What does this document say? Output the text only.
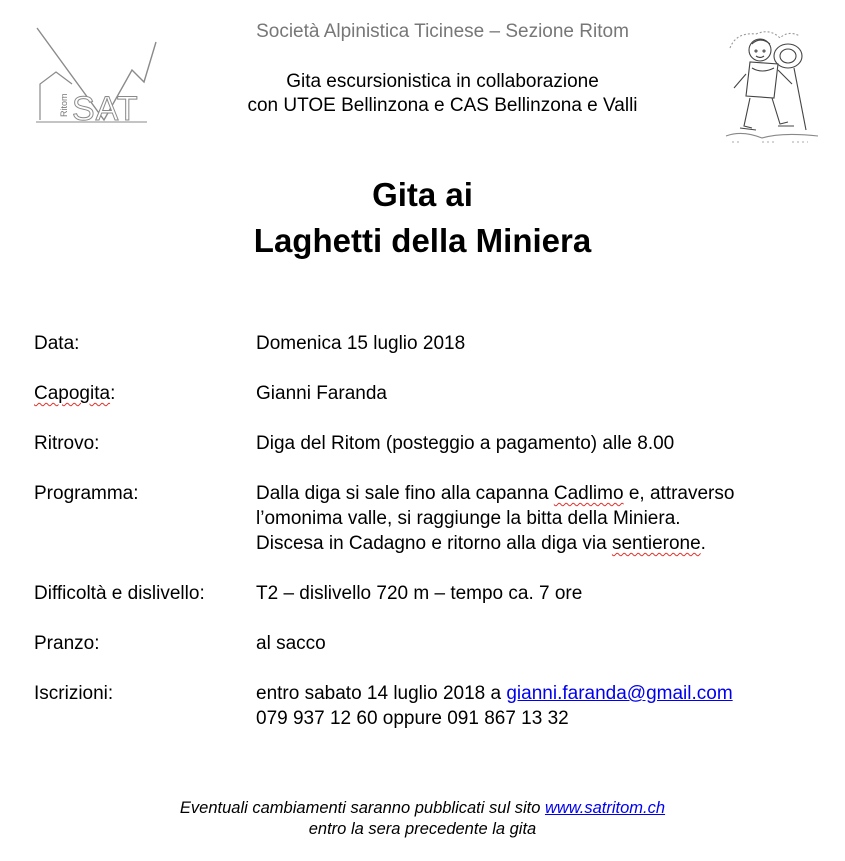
Ritom SAT
Società Alpinistica Ticinese – Sezione Ritom
Gita escursionistica in collaborazione
con UTOE Bellinzona e CAS Bellinzona e Valli
Gita ai
Laghetti della Miniera
Data:	Domenica 15 luglio 2018
Capogita:	Gianni Faranda
Ritrovo:	Diga del Ritom (posteggio a pagamento) alle 8.00
Programma:	Dalla diga si sale fino alla capanna Cadlimo e, attraverso
l’omonima valle, si raggiunge la bitta della Miniera.
Discesa in Cadagno e ritorno alla diga via sentierone.
Difficoltà e dislivello:	T2 – dislivello 720 m – tempo ca. 7 ore
Pranzo:	al sacco
Iscrizioni:	entro sabato 14 luglio 2018 a gianni.faranda@gmail.com
079 937 12 60 oppure 091 867 13 32
Eventuali cambiamenti saranno pubblicati sul sito www.satritom.ch
entro la sera precedente la gita
